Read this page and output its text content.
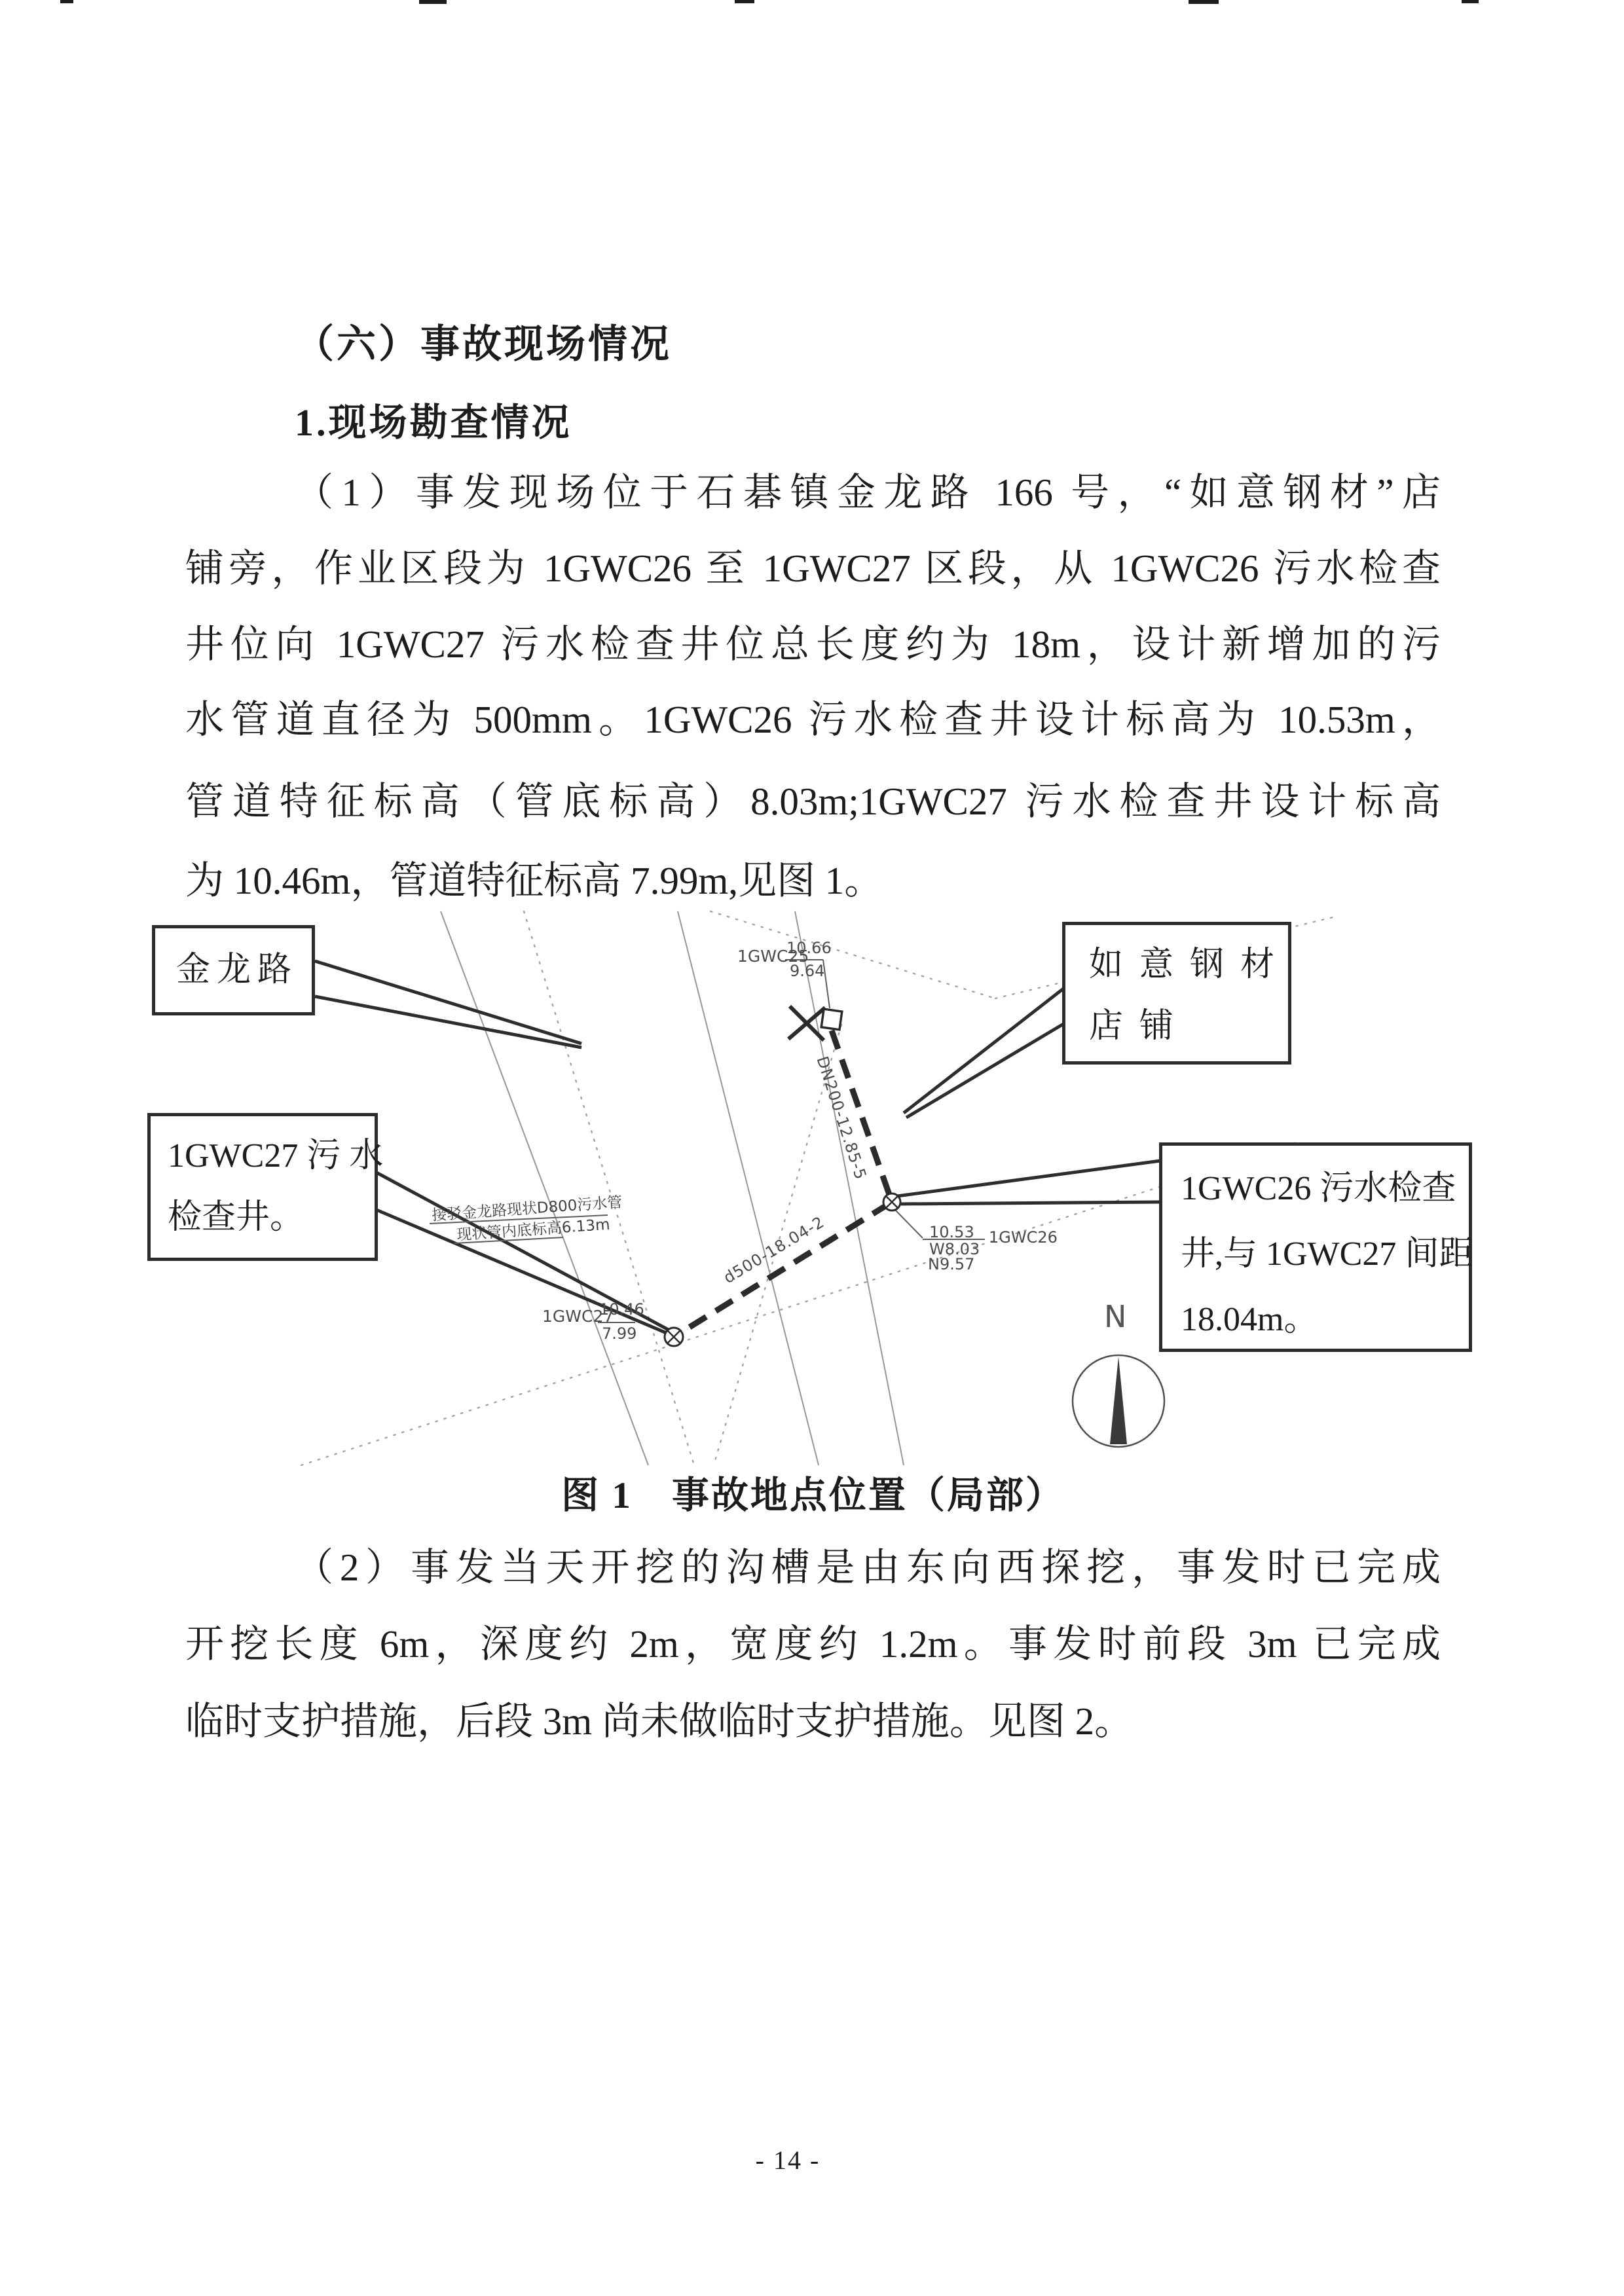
（六）事故现场情况
1.现场勘查情况
（1）事发现场位于石碁镇金龙路 166 号，“如意钢材”店
铺旁，作业区段为 1GWC26 至 1GWC27 区段，从 1GWC26 污水检查
井位向 1GWC27 污水检查井位总长度约为 18m，设计新增加的污
水管道直径为 500mm。1GWC26 污水检查井设计标高为 10.53m，
管道特征标高（管底标高）8.03m;1GWC27 污水检查井设计标高
为 10.46m，管道特征标高 7.99m,见图 1。
金龙路
1GWC27 污 水
检查井。
如 意 钢 材
店 铺
1GWC26 污水检查
井,与 1GWC27 间距
18.04m。
1GWC25
10.66
9.64
1GWC27
10.46
7.99
10.53 1GWC26
W8.03
N9.57
DN200-12.85-5
d500-18.04-2
接驳金龙路现状D800污水管
现状管内底标高6.13m
N
图 1　事故地点位置（局部）
（2）事发当天开挖的沟槽是由东向西探挖，事发时已完成
开挖长度 6m，深度约 2m，宽度约 1.2m。事发时前段 3m 已完成
临时支护措施，后段 3m 尚未做临时支护措施。见图 2。
- 14 -
